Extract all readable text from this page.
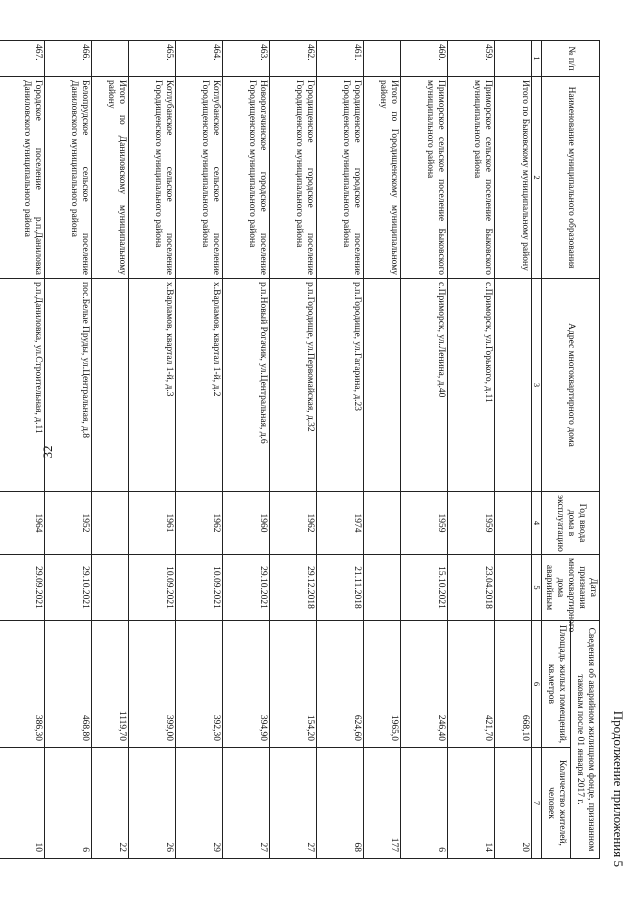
32
Продолжение приложения 5
№ п/п	Наименование муниципального образования	Адрес многоквартирного дома	Год ввода дома в эксплуатацию	Дата признания многоквартирного дома аварийным	Сведения об аварийном жилищном фонде, признанном таковым после 01 января 2017 г.	
					Площадь жилых помещений, кв.метров	Количество жителей, человек
1	2	3	4	5	6	7
	Итого по Быковскому муниципальному району				668,10	20
459.	Приморское сельское поселение Быковского муниципального района	с.Приморск, ул.Горького, д.11	1959	23.04.2018	421,70	14
460.	Приморское сельское поселение Быковского муниципального района	с.Приморск, ул.Ленина, д.40	1959	15.10.2021	246,40	6
	Итого по Городищенскому муниципальному району				1965,0	177
461.	Городищенское городское поселение Городищенского муниципального района	р.п.Городище, ул.Гагарина, д.23	1974	21.11.2018	624,60	68
462.	Городищенское городское поселение Городищенского муниципального района	р.п.Городище, ул.Первомайская, д.32	1962	29.12.2018	154,20	27
463.	Новорогачинское городское поселение Городищенского муниципального района	р.п.Новый Рогачик, ул.Центральная, д.6	1960	29.10.2021	394,90	27
464.	Котлубанское сельское поселение Городищенского муниципального района	х.Варламов, квартал 1-й, д.2	1962	10.09.2021	392,30	29
465.	Котлубанское сельское поселение Городищенского муниципального района	х.Варламов, квартал 1-й, д.3	1961	10.09.2021	399,00	26
	Итого по Даниловскому муниципальному району				1119,70	22
466.	Белопрудское сельское поселение Даниловского муниципального района	пос.Белые Пруды, ул.Центральная, д.8	1952	29.10.2021	468,80	6
467.	Городское поселение р.п.Даниловка Даниловского муниципального района	р.п.Даниловка, ул.Строительная, д.11	1964	29.09.2021	386,30	10
